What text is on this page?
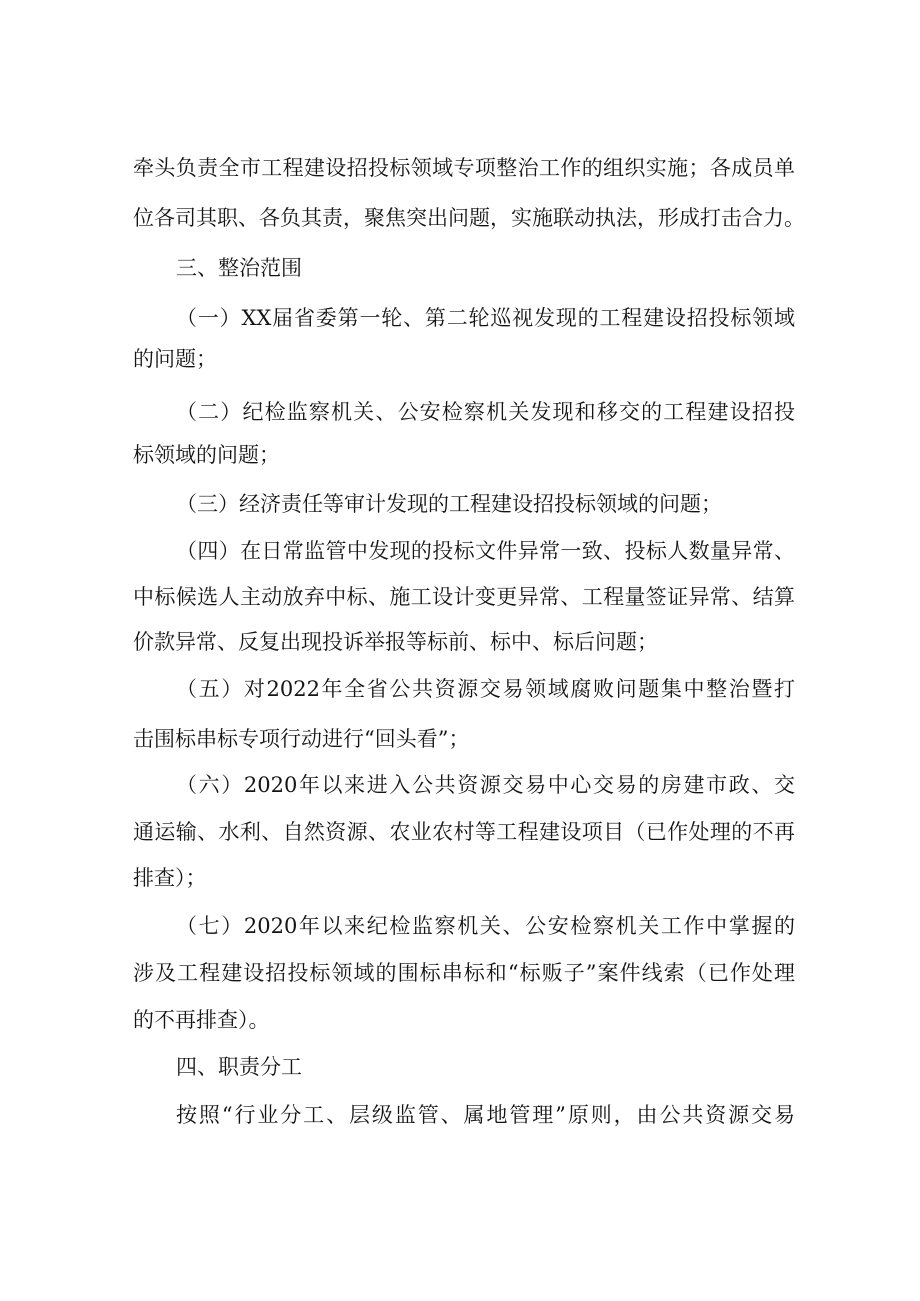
牵头负责全市工程建设招投标领域专项整治工作的组织实施；各成员单

位各司其职、各负其责，聚焦突出问题，实施联动执法，形成打击合力。

三、整治范围

（一）XX届省委第一轮、第二轮巡视发现的工程建设招投标领域

的问题；

（二）纪检监察机关、公安检察机关发现和移交的工程建设招投

标领域的问题；

（三）经济责任等审计发现的工程建设招投标领域的问题；

（四）在日常监管中发现的投标文件异常一致、投标人数量异常、

中标候选人主动放弃中标、施工设计变更异常、工程量签证异常、结算

价款异常、反复出现投诉举报等标前、标中、标后问题；

（五）对2022年全省公共资源交易领域腐败问题集中整治暨打

击围标串标专项行动进行“回头看”；

（六）2020年以来进入公共资源交易中心交易的房建市政、交

通运输、水利、自然资源、农业农村等工程建设项目（已作处理的不再

排查）；

（七）2020年以来纪检监察机关、公安检察机关工作中掌握的

涉及工程建设招投标领域的围标串标和“标贩子”案件线索（已作处理

的不再排查）。

四、职责分工

按照“行业分工、层级监管、属地管理”原则，由公共资源交易
